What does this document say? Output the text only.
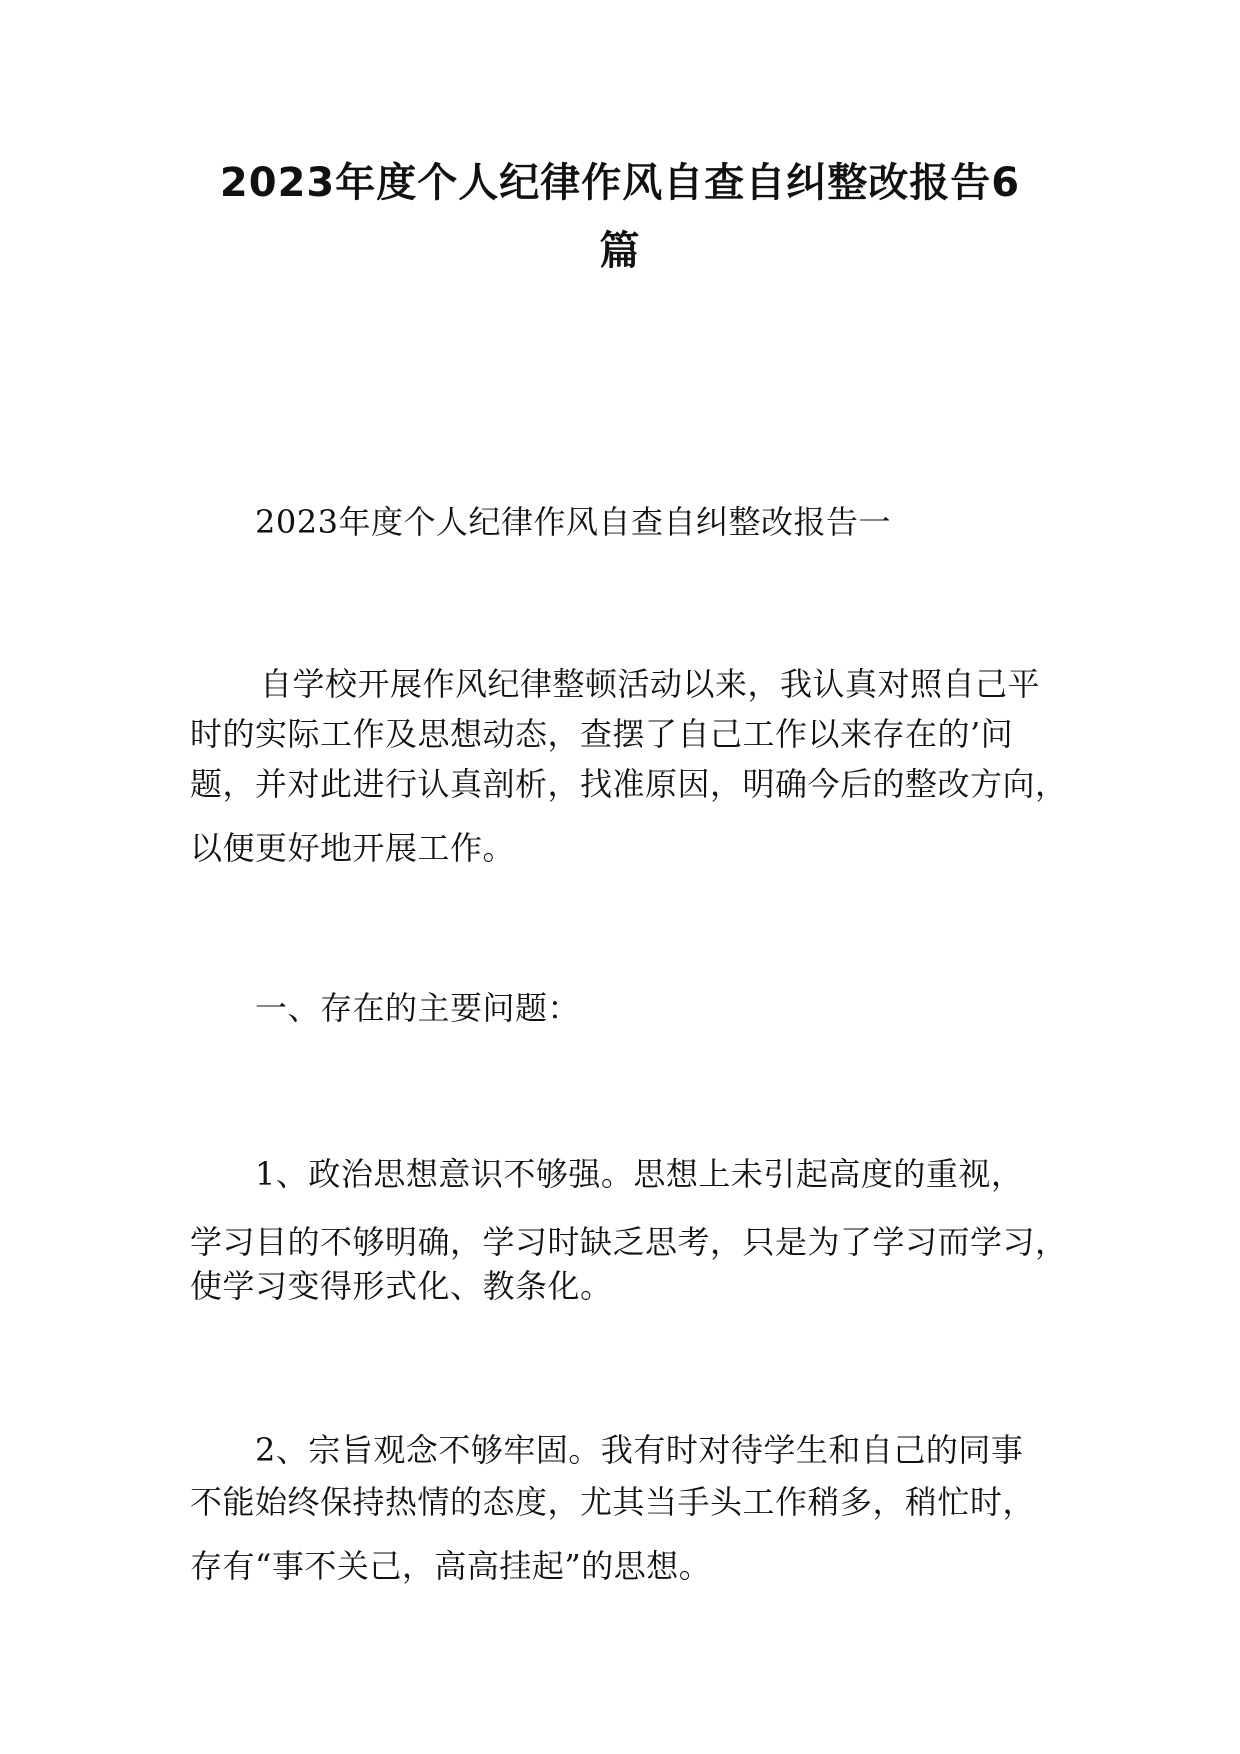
2023年度个人纪律作风自查自纠整改报告6
篇
2023年度个人纪律作风自查自纠整改报告一
自学校开展作风纪律整顿活动以来，我认真对照自己平
时的实际工作及思想动态，查摆了自己工作以来存在的’问
题，并对此进行认真剖析，找准原因，明确今后的整改方向，
以便更好地开展工作。
一、存在的主要问题：
1、政治思想意识不够强。思想上未引起高度的重视，
学习目的不够明确，学习时缺乏思考，只是为了学习而学习，
使学习变得形式化、教条化。
2、宗旨观念不够牢固。我有时对待学生和自己的同事
不能始终保持热情的态度，尤其当手头工作稍多，稍忙时，
存有“事不关己，高高挂起”的思想。
